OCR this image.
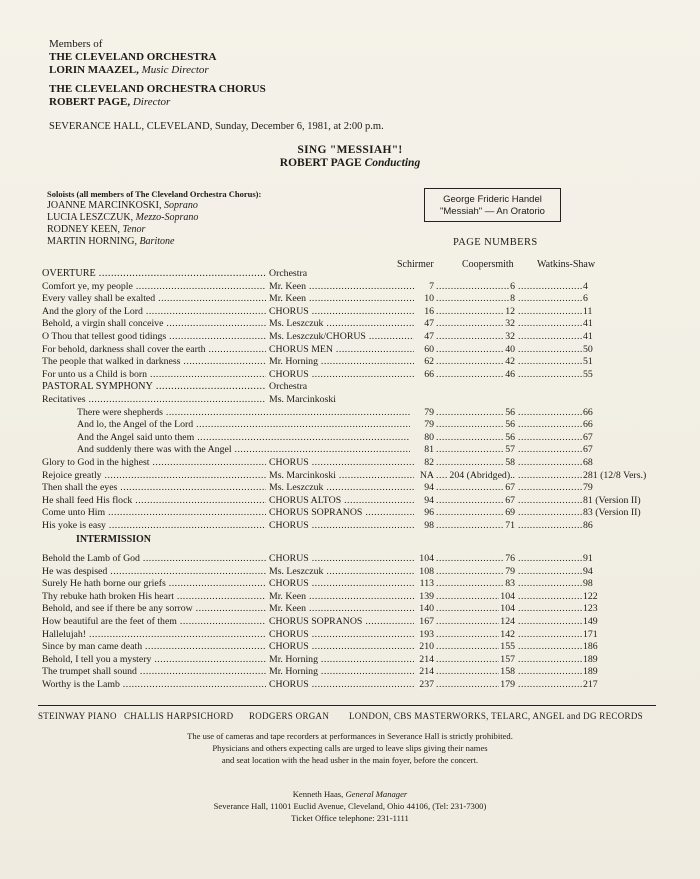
Members of
THE CLEVELAND ORCHESTRA
LORIN MAAZEL, Music Director
THE CLEVELAND ORCHESTRA CHORUS
ROBERT PAGE, Director
SEVERANCE HALL, CLEVELAND, Sunday, December 6, 1981, at 2:00 p.m.
SING "MESSIAH"!
ROBERT PAGE Conducting
Soloists (all members of The Cleveland Orchestra Chorus):
JOANNE MARCINKOSKI, Soprano
LUCIA LESZCZUK, Mezzo-Soprano
RODNEY KEEN, Tenor
MARTIN HORNING, Baritone
George Frideric Handel
"Messiah" — An Oratorio
PAGE NUMBERS
Schirmer	Coopersmith Watkins-Shaw
OVERTURE .....	Orchestra
Comfort ye, my people .....	Mr. Keen .....	7 .....	6 .....	4
Every valley shall be exalted .....	Mr. Keen .....	10 .....	8 .....	6
And the glory of the Lord .....	CHORUS .....	16 .....	12 .....	11
Behold, a virgin shall conceive .....	Ms. Leszczuk .....	47 .....	32 .....	41
O Thou that tellest good tidings .....	Ms. Leszczuk/CHORUS .....	47 .....	32 .....	41
For behold, darkness shall cover the earth .....	CHORUS MEN .....	60 .....	40 .....	50
The people that walked in darkness .....	Mr. Horning .....	62 .....	42 .....	51
For unto us a Child is born .....	CHORUS .....	66 .....	46 .....	55
PASTORAL SYMPHONY .....	Orchestra
Recitatives .....	Ms. Marcinkoski
There were shepherds .....	79 .....	56 .....	66
And lo, the Angel of the Lord .....	79 .....	56 .....	66
And the Angel said unto them .....	80 .....	56 .....	67
And suddenly there was with the Angel .....	81 .....	57 .....	67
Glory to God in the highest .....	CHORUS .....	82 .....	58 .....	68
Rejoice greatly .....	Ms. Marcinkoski .....	NA .....	204 (Abridged).. .....	281 (12/8 Vers.)
Then shall the eyes .....	Ms. Leszczuk .....	94 .....	67 .....	79
He shall feed His flock .....	CHORUS ALTOS .....	94 .....	67 .....	81 (Version II)
Come unto Him .....	CHORUS SOPRANOS .....	96 .....	69 .....	83 (Version II)
His yoke is easy .....	CHORUS .....	98 .....	71 .....	86
Behold the Lamb of God .....	CHORUS .....	104 .....	76 .....	91
He was despised .....	Ms. Leszczuk .....	108 .....	79 .....	94
Surely He hath borne our griefs .....	CHORUS .....	113 .....	83 .....	98
Thy rebuke hath broken His heart .....	Mr. Keen .....	139 .....	104 .....	122
Behold, and see if there be any sorrow .....	Mr. Keen .....	140 .....	104 .....	123
How beautiful are the feet of them .....	CHORUS SOPRANOS .....	167 .....	124 .....	149
Hallelujah! .....	CHORUS .....	193 .....	142 .....	171
Since by man came death .....	CHORUS .....	210 .....	155 .....	186
Behold, I tell you a mystery .....	Mr. Horning .....	214 .....	157 .....	189
The trumpet shall sound .....	Mr. Horning .....	214 .....	158 .....	189
Worthy is the Lamb .....	CHORUS .....	237 .....	179 .....	217
INTERMISSION
STEINWAY PIANO CHALLIS HARPSICHORD RODGERS ORGAN LONDON, CBS MASTERWORKS, TELARC, ANGEL and DG RECORDS
The use of cameras and tape recorders at performances in Severance Hall is strictly prohibited.
Physicians and others expecting calls are urged to leave slips giving their names
and seat location with the head usher in the main foyer, before the concert.
Kenneth Haas, General Manager
Severance Hall, 11001 Euclid Avenue, Cleveland, Ohio 44106, (Tel: 231-7300)
Ticket Office telephone: 231-1111
